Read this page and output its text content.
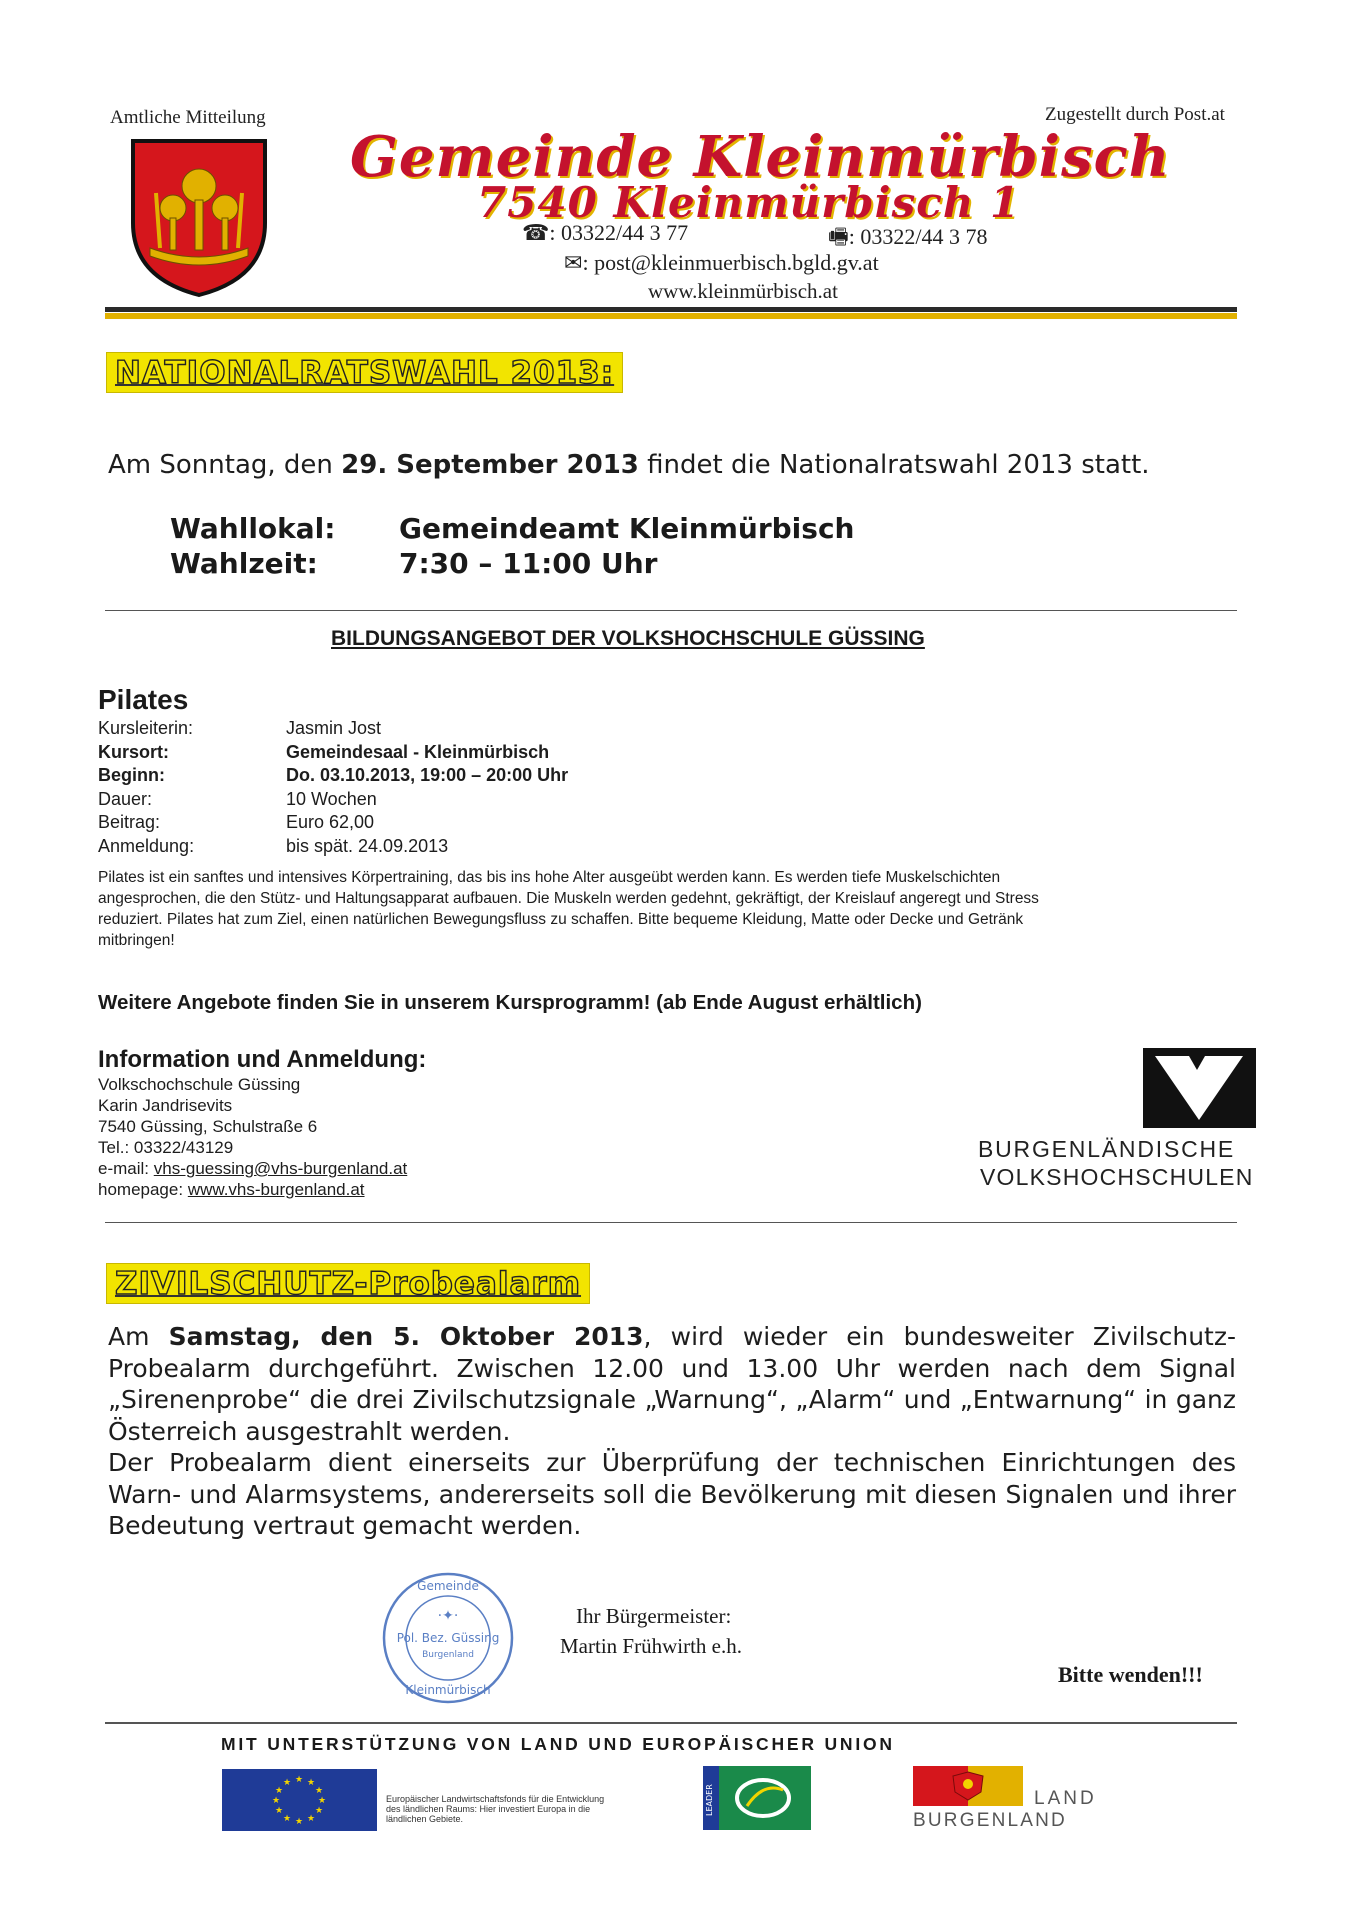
Amtliche Mitteilung	Zugestellt durch Post.at
Gemeinde Kleinmürbisch
7540 Kleinmürbisch 1
☎: 03322/44 3 77	🖷: 03322/44 3 78
✉: post@kleinmuerbisch.bgld.gv.at
www.kleinmürbisch.at
NATIONALRATSWAHL 2013:
Am Sonntag, den 29. September 2013 findet die Nationalratswahl 2013 statt.
Wahllokal: Gemeindeamt Kleinmürbisch
Wahlzeit:	7:30 – 11:00 Uhr
BILDUNGSANGEBOT DER VOLKSHOCHSCHULE GÜSSING
Pilates
Kursleiterin:	Jasmin Jost
Kursort:	Gemeindesaal - Kleinmürbisch
Beginn:	Do. 03.10.2013, 19:00 – 20:00 Uhr
Dauer:	10 Wochen
Beitrag:	Euro 62,00
Anmeldung:	bis spät. 24.09.2013
Pilates ist ein sanftes und intensives Körpertraining, das bis ins hohe Alter ausgeübt werden kann. Es werden tiefe Muskelschichten
angesprochen, die den Stütz- und Haltungsapparat aufbauen. Die Muskeln werden gedehnt, gekräftigt, der Kreislauf angeregt und Stress
reduziert. Pilates hat zum Ziel, einen natürlichen Bewegungsfluss zu schaffen. Bitte bequeme Kleidung, Matte oder Decke und Getränk
mitbringen!
Weitere Angebote finden Sie in unserem Kursprogramm! (ab Ende August erhältlich)
Information und Anmeldung:
Volkschochschule Güssing
Karin Jandrisevits
7540 Güssing, Schulstraße 6
Tel.: 03322/43129
e-mail: vhs-guessing@vhs-burgenland.at
homepage: www.vhs-burgenland.at
BURGENLÄNDISCHE
VOLKSHOCHSCHULEN
ZIVILSCHUTZ-Probealarm
Am Samstag, den 5. Oktober 2013, wird wieder ein bundesweiter Zivilschutz-Probealarm durchgeführt. Zwischen 12.00 und 13.00 Uhr werden nach dem Signal „Sirenenprobe“ die drei Zivilschutzsignale „Warnung“, „Alarm“ und „Entwarnung“ in ganz Österreich ausgestrahlt werden.
Der Probealarm dient einerseits zur Überprüfung der technischen Einrichtungen des Warn- und Alarmsystems, andererseits soll die Bevölkerung mit diesen Signalen und ihrer Bedeutung vertraut gemacht werden.
Gemeinde
Pol. Bez. Güssing
Burgenland
Kleinmürbisch
·✦·	Ihr Bürgermeister:
Martin Frühwirth e.h.
Bitte wenden!!!
MIT UNTERSTÜTZUNG VON LAND UND EUROPÄISCHER UNION
★ ★
★
★
★
★
★
★
★
★
★
★
Europäischer Landwirtschaftsfonds für die Entwicklung des ländlichen Raums: Hier investiert Europa in die ländlichen Gebiete.
LEADER	LAND
BURGENLAND
